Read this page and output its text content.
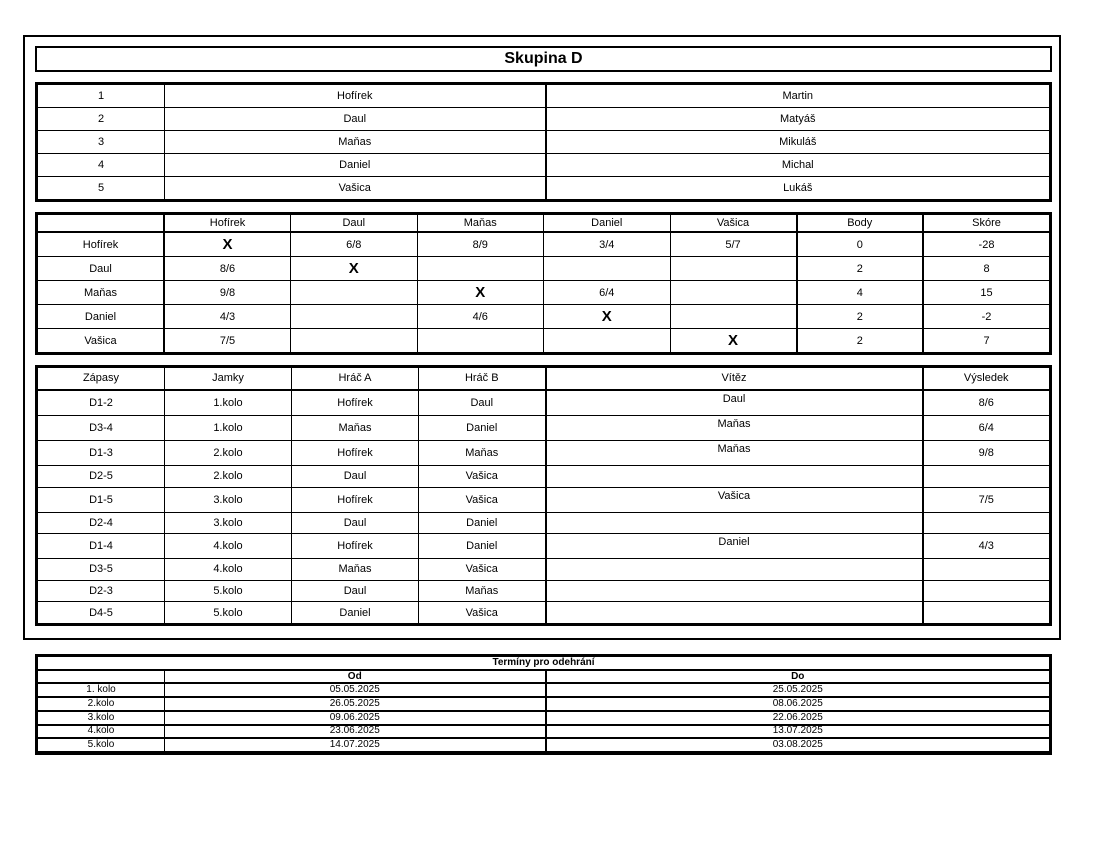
Skupina D
1	Hofírek	Martin
2	Daul	Matyáš
3	Maňas	Mikuláš
4	Daniel	Michal
5	Vašica	Lukáš
	Hofírek	Daul	Maňas	Daniel	Vašica	Body	Skóre
Hofírek	X	6/8	8/9	3/4	5/7	0	-28
Daul	8/6	X				2	8
Maňas	9/8		X	6/4		4	15
Daniel	4/3		4/6	X		2	-2
Vašica	7/5				X	2	7
Zápasy	Jamky	Hráč A	Hráč B	Vítěz	Výsledek
D1-2	1.kolo	Hofírek	Daul	Daul	8/6
D3-4	1.kolo	Maňas	Daniel	Maňas	6/4
D1-3	2.kolo	Hofírek	Maňas	Maňas	9/8
D2-5	2.kolo	Daul	Vašica		
D1-5	3.kolo	Hofírek	Vašica	Vašica	7/5
D2-4	3.kolo	Daul	Daniel		
D1-4	4.kolo	Hofírek	Daniel	Daniel	4/3
D3-5	4.kolo	Maňas	Vašica		
D2-3	5.kolo	Daul	Maňas		
D4-5	5.kolo	Daniel	Vašica		
Termíny pro odehrání		
	Od	Do
1. kolo	05.05.2025	25.05.2025
2.kolo	26.05.2025	08.06.2025
3.kolo	09.06.2025	22.06.2025
4.kolo	23.06.2025	13.07.2025
5.kolo	14.07.2025	03.08.2025
